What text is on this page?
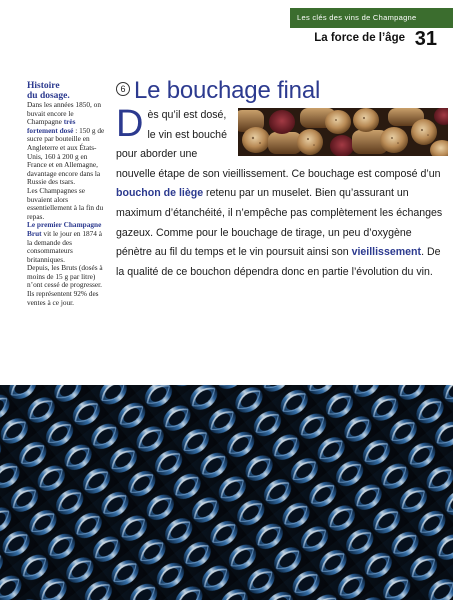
Les clés des vins de Champagne
La force de l’âge 31
Histoire
du dosage.

Dans les années 1850, on buvait encore le Champagne très fortement dosé : 150 g de sucre par bouteille en Angleterre et aux États-Unis, 160 à 200 g en France et en Allemagne, davantage encore dans la Russie des tsars.

Les Champagnes se buvaient alors essentiellement à la fin du repas.

Le premier Champagne Brut vit le jour en 1874 à la demande des consommateurs britanniques.

Depuis, les Bruts (dosés à moins de 15 g par litre) n’ont cessé de progresser.

Ils représentent 92% des ventes à ce jour.

6 Le bouchage final
D ès qu’il est dosé, le vin est bouché pour aborder une nouvelle étape de son vieillissement. Ce bouchage est composé d’un bouchon de liège retenu par un muselet. Bien qu’assurant un maximum d’étanchéité, il n’empêche pas complètement les échanges gazeux. Comme pour le bouchage de tirage, un peu d’oxygène pénètre au fil du temps et le vin poursuit ainsi son vieillissement. De la qualité de ce bouchon dépendra donc en partie l’évolution du vin.
